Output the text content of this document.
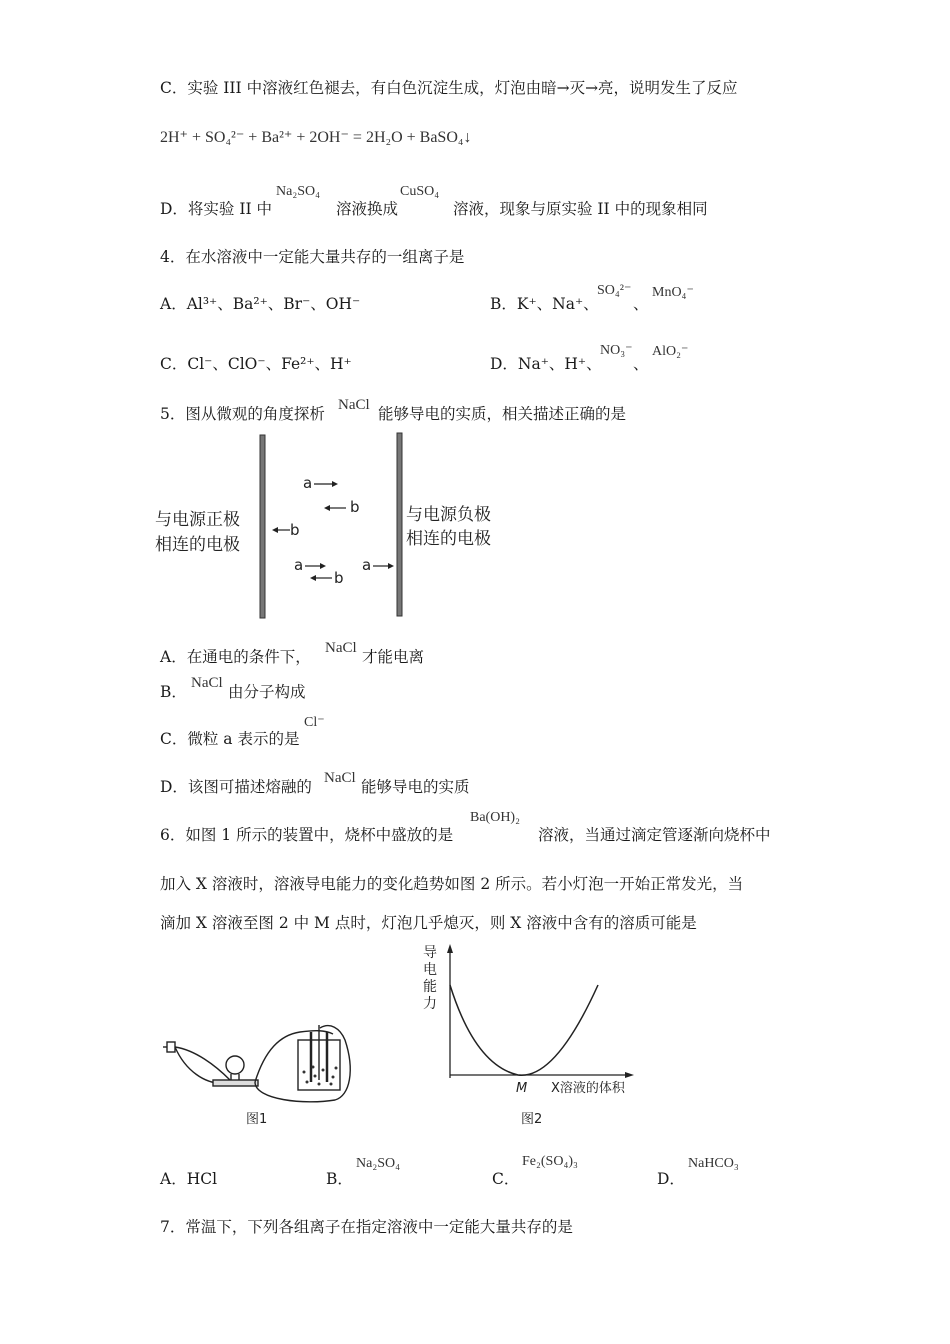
C．实验 III 中溶液红色褪去，有白色沉淀生成，灯泡由暗→灭→亮，说明发生了反应
2H⁺ + SO₄²⁻ + Ba²⁺ + 2OH⁻ = 2H₂O + BaSO₄↓
D．将实验 II 中
Na₂SO₄
溶液换成
CuSO₄
溶液，现象与原实验 II 中的现象相同
4．在水溶液中一定能大量共存的一组离子是
A．Al³⁺、Ba²⁺、Br⁻、OH⁻	B．K⁺、Na⁺、
SO₄²⁻
、
MnO₄⁻
C．Cl⁻、ClO⁻、Fe²⁺、H⁺	D．Na⁺、H⁺、
NO₃⁻
、
AlO₂⁻
5．图从微观的角度探析 NaCl 能够导电的实质，相关描述正确的是
与电源正极
相连的电极
与电源负极
相连的电极
a
b
b
a
b
a
A．在通电的条件下， NaCl 才能电离
B． NaCl 由分子构成
C．微粒 a 表示的是
Cl⁻
D．该图可描述熔融的 NaCl 能够导电的实质
6．如图 1 所示的装置中，烧杯中盛放的是
Ba(OH)₂
溶液，当通过滴定管逐渐向烧杯中
加入 X 溶液时，溶液导电能力的变化趋势如图 2 所示。若小灯泡一开始正常发光，当
滴加 X 溶液至图 2 中 M 点时，灯泡几乎熄灭，则 X 溶液中含有的溶质可能是
图1
导
电
能
力
M X溶液的体积
图2
A．HCl	B．
Na₂SO₄
C．
Fe₂(SO₄)₃
D．
NaHCO₃
7．常温下，下列各组离子在指定溶液中一定能大量共存的是
